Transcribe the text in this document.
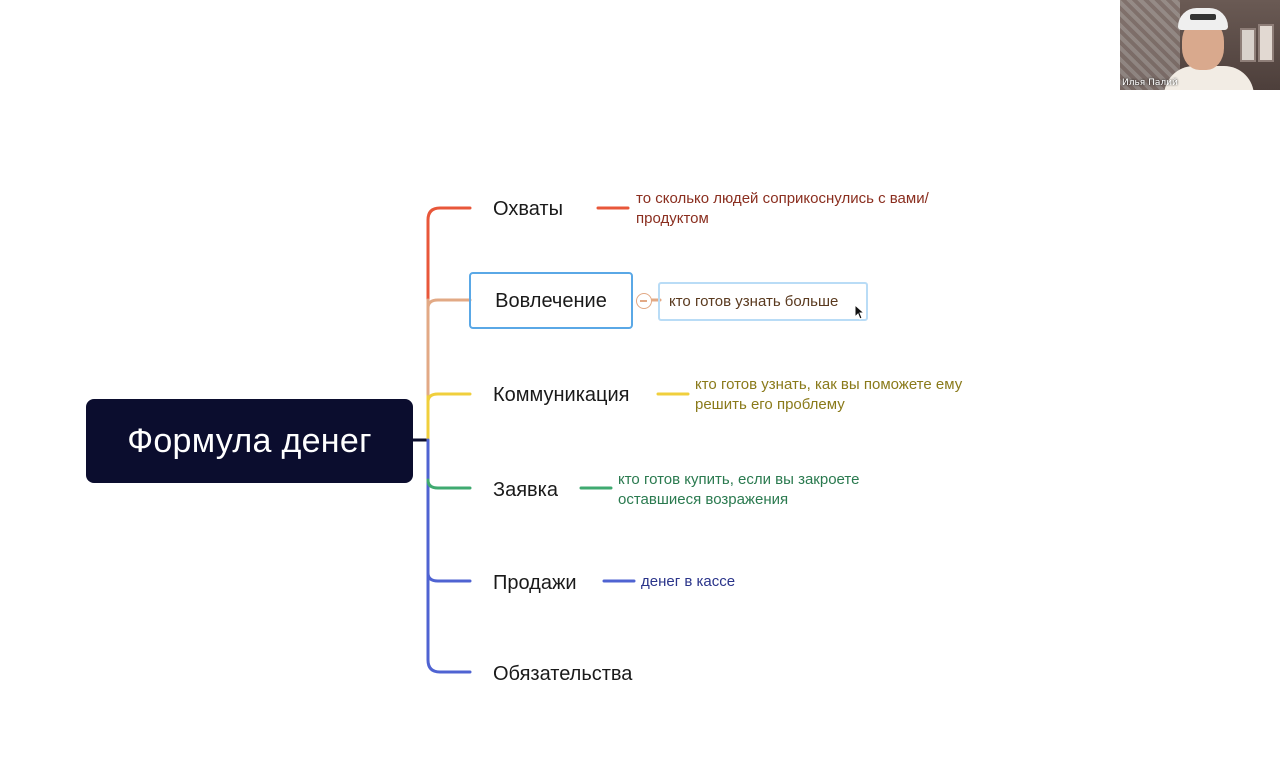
Формула денег
Охваты	то сколько людей соприкоснулись с вами/
продуктом
Вовлечение	кто готов узнать больше
Коммуникация	кто готов узнать, как вы поможете ему
решить его проблему
Заявка	кто готов купить, если вы закроете
оставшиеся возражения
Продажи	денег в кассе
Обязательства
Илья Палий
